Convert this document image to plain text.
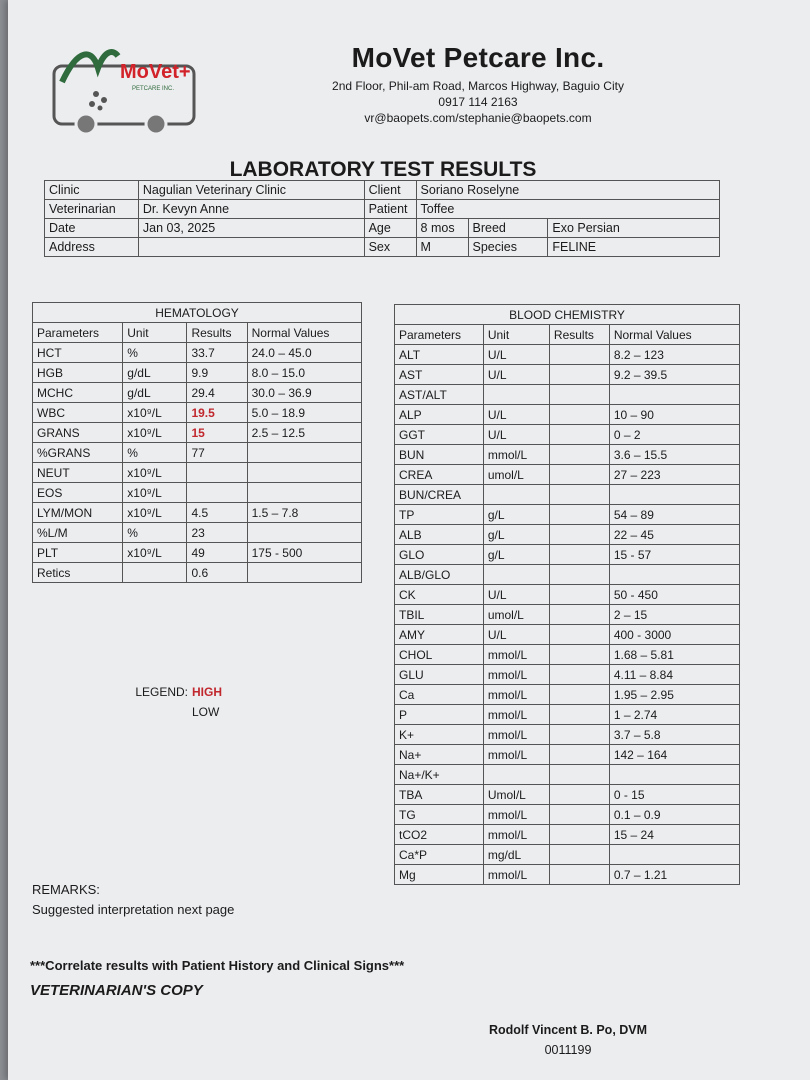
MoVet+
PETCARE INC.
MoVet Petcare Inc.
2nd Floor, Phil-am Road, Marcos Highway, Baguio City
0917 114 2163
vr@baopets.com/stephanie@baopets.com
LABORATORY TEST RESULTS
Clinic	Nagulian Veterinary Clinic	Client	Soriano Roselyne		
Veterinarian	Dr. Kevyn Anne	Patient	Toffee		
Date	Jan 03, 2025	Age	8 mos	Breed	Exo Persian
Address		Sex	M	Species	FELINE
HEMATOLOGY			
Parameters	Unit	Results	Normal Values
HCT	%	33.7	24.0 – 45.0
HGB	g/dL	9.9	8.0 – 15.0
MCHC	g/dL	29.4	30.0 – 36.9
WBC	x10⁹/L	19.5	5.0 – 18.9
GRANS	x10⁹/L	15	2.5 – 12.5
%GRANS	%	77	
NEUT	x10⁹/L		
EOS	x10⁹/L		
LYM/MON	x10⁹/L	4.5	1.5 – 7.8
%L/M	%	23	
PLT	x10⁹/L	49	175 - 500
Retics		0.6	
BLOOD CHEMISTRY			
Parameters	Unit	Results	Normal Values
ALT	U/L		8.2 – 123
AST	U/L		9.2 – 39.5
AST/ALT			
ALP	U/L		10 – 90
GGT	U/L		0 – 2
BUN	mmol/L		3.6 – 15.5
CREA	umol/L		27 – 223
BUN/CREA			
TP	g/L		54 – 89
ALB	g/L		22 – 45
GLO	g/L		15 - 57
ALB/GLO			
CK	U/L		50 - 450
TBIL	umol/L		2 – 15
AMY	U/L		400 - 3000
CHOL	mmol/L		1.68 – 5.81
GLU	mmol/L		4.11 – 8.84
Ca	mmol/L		1.95 – 2.95
P	mmol/L		1 – 2.74
K+	mmol/L		3.7 – 5.8
Na+	mmol/L		142 – 164
Na+/K+			
TBA	Umol/L		0 - 15
TG	mmol/L		0.1 – 0.9
tCO2	mmol/L		15 – 24
Ca*P	mg/dL		
Mg	mmol/L		0.7 – 1.21
LEGEND: HIGH
LOW
REMARKS:
Suggested interpretation next page
***Correlate results with Patient History and Clinical Signs***
VETERINARIAN'S COPY
Rodolf Vincent B. Po, DVM
0011199
